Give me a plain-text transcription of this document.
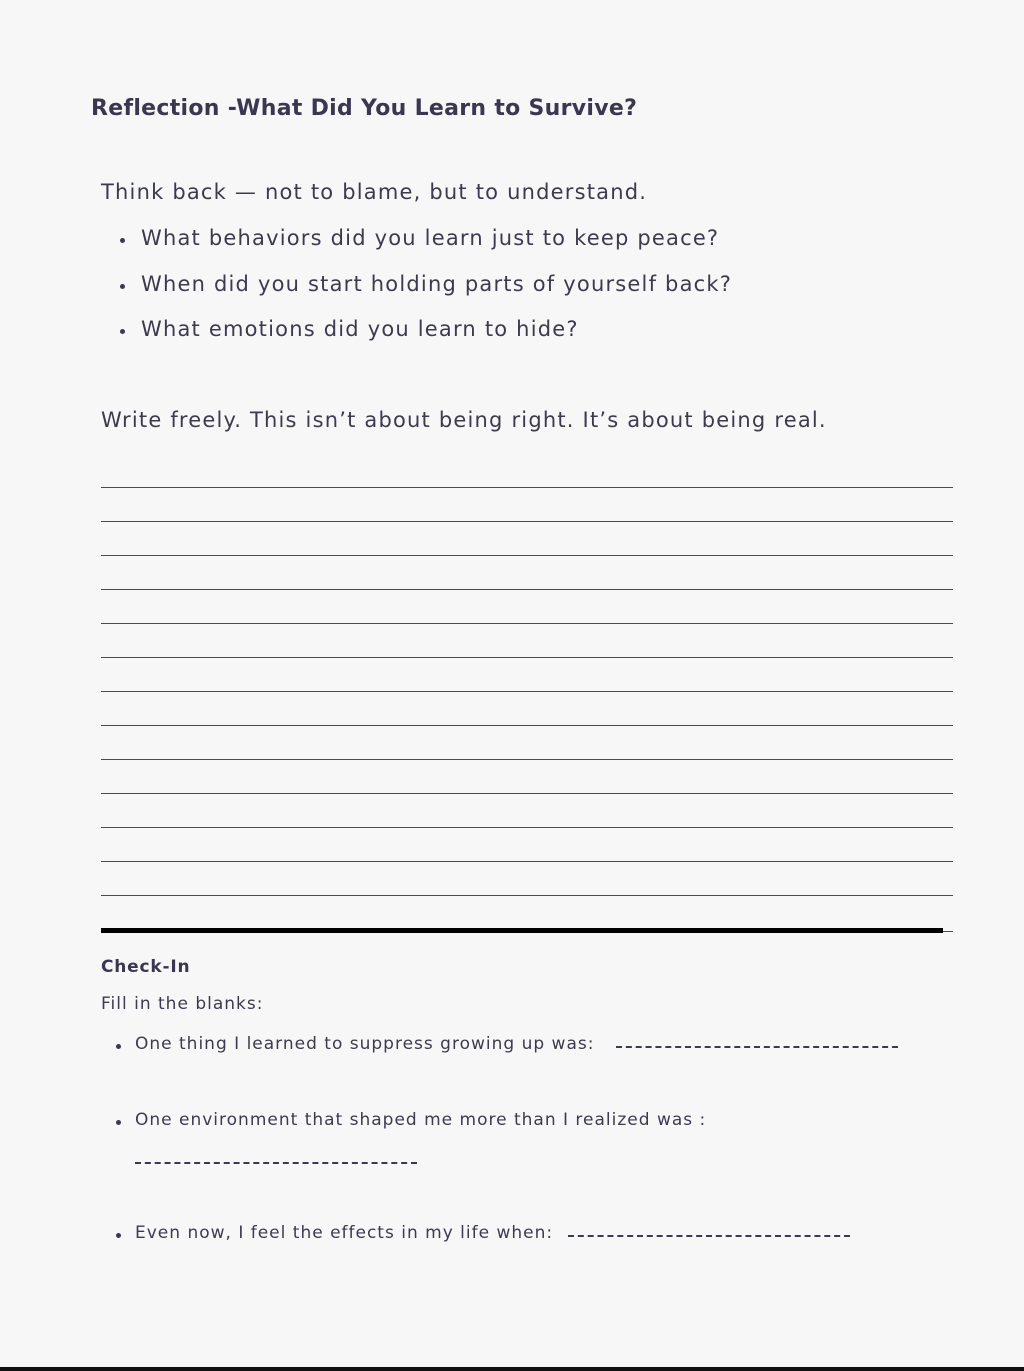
Reflection -What Did You Learn to Survive?

Think back — not to blame, but to understand.

What behaviors did you learn just to keep peace?
When did you start holding parts of yourself back?
What emotions did you learn to hide?

Write freely. This isn’t about being right. It’s about being real.

Check-In

Fill in the blanks:

One thing I learned to suppress growing up was:
One environment that shaped me more than I realized was :
Even now, I feel the effects in my life when:
